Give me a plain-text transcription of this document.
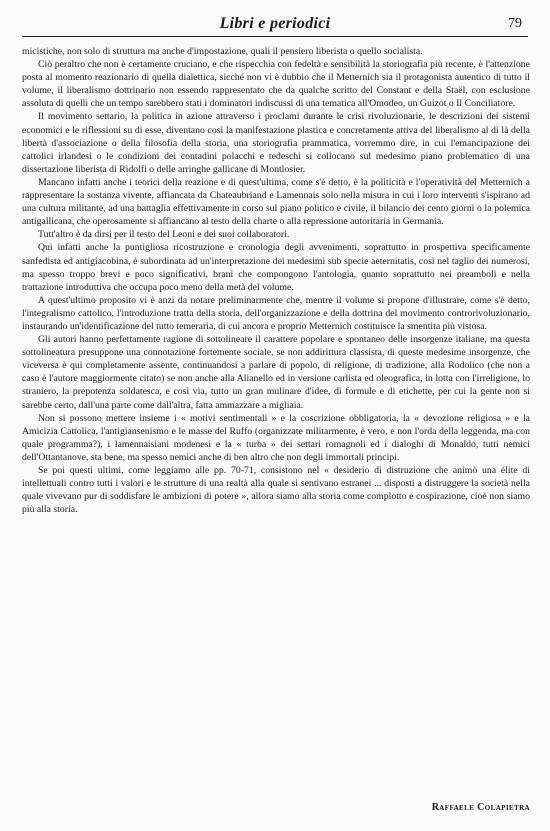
Libri e periodici	79

micistiche, non solo di struttura ma anche d'impostazione, quali il pensiero liberista o quello socialista.

Ciò peraltro che non è certamente cruciano, e che rispecchia con fedeltà e sensibilità la storiografia più recente, è l'attenzione posta al momento reazionario di quella dialettica, sicché non vi è dubbio che il Metternich sia il protagonista autentico di tutto il volume, il liberalismo dottrinario non essendo rappresentato che da qualche scritto del Constant e della Staël, con esclusione assoluta di quelli che un tempo sarebbero stati i dominatori indiscussi di una tematica all'Omodeo, un Guizot o Il Conciliatore.

Il movimento settario, la politica in azione attraverso i proclami durante le crisi rivoluzionarie, le descrizioni dei sistemi economici e le riflessioni su di esse, diventano così la manifestazione plastica e concretamente attiva del liberalismo al di là della libertà d'associazione o della filosofia della storia, una storiografia prammatica, vorremmo dire, in cui l'emancipazione dei cattolici irlandesi o le condizioni dei contadini polacchi e tedeschi si collocano sul medesimo piano problematico di una dissertazione liberista di Ridolfi o delle arringhe gallicane di Montlosier.

Mancano infatti anche i teorici della reazione e di quest'ultima, come s'è detto, è la politicità e l'operatività del Metternich a rappresentare la sostanza vivente, affiancata da Chateaubriand e Lamennais solo nella misura in cui i loro interventi s'ispirano ad una cultura militante, ad una battaglia effettivamente in corso sul piano politico e civile, il bilancio dei cento giorni o la polemica antigallicana, che operosamente si affiancano al testo della charte o alla repressione autoritaria in Germania.

Tutt'altro è da dirsi per il testo del Leoni e dei suoi collaboratori.

Qui infatti anche la puntigliosa ricostruzione e cronologia degli avvenimenti, soprattutto in prospettiva specificamente sanfedista ed antigiacobina, è subordinata ad un'interpretazione dei medesimi sub specie aeternitatis, così nel taglio dei numerosi, ma spesso troppo brevi e poco significativi, brani che compongono l'antologia, quanto soprattutto nei preamboli e nella trattazione introduttiva che occupa poco meno della metà del volume.

A quest'ultimo proposito vi è anzi da notare preliminarmente che, mentre il volume si propone d'illustrare, come s'è detto, l'integralismo cattolico, l'introduzione tratta della storia, dell'organizzazione e della dottrina del movimento controrivoluzionario, instaurando un'identificazione del tutto temeraria, di cui ancora e proprio Metternich costituisce la smentita più vistosa.

Gli autori hanno perfettamente ragione di sottolineare il carattere popolare e spontaneo delle insorgenze italiane, ma questa sottolineatura presuppone una connotazione fortemente sociale, se non addirittura classista, di queste medesime insorgenze, che viceversa è qui completamente assente, continuandosi a parlare di popolo, di religione, di tradizione, alla Rodolico (che non a caso è l'autore maggiormente citato) se non anche alla Alianello ed in versione carlista ed oleografica, in lotta con l'irreligione, lo straniero, la prepotenza soldatesca, e così via, tutto un gran mulinare d'idee, di formule e di etichette, per cui la gente non si sarebbe certo, dall'una parte come dall'altra, fatta ammazzare a migliaia.

Non si possono mettere insieme i « motivi sentimentali » e la coscrizione obbligatoria, la « devozione religiosa » e la Amicizia Cattolica, l'antigiansenismo e le masse del Ruffo (organizzate militarmente, è vero, e non l'orda della leggenda, ma con quale programma?), i lamennaisiani modenesi e la « turba » dei settari romagnoli ed i dialoghi di Monaldo, tutti nemici dell'Ottantanove, sta bene, ma spesso nemici anche di ben altro che non degli immortali principi.

Se poi questi ultimi, come leggiamo alle pp. 70-71, consistono nel « desiderio di distruzione che animò una élite di intellettuali contro tutti i valori e le strutture di una realtà alla quale si sentivano estranei ... disposti a distruggere la società nella quale vivevano pur di soddisfare le ambizioni di potere », allora siamo alla storia come complotto e cospirazione, cioè non siamo più alla storia.

Raffaele Colapietra
